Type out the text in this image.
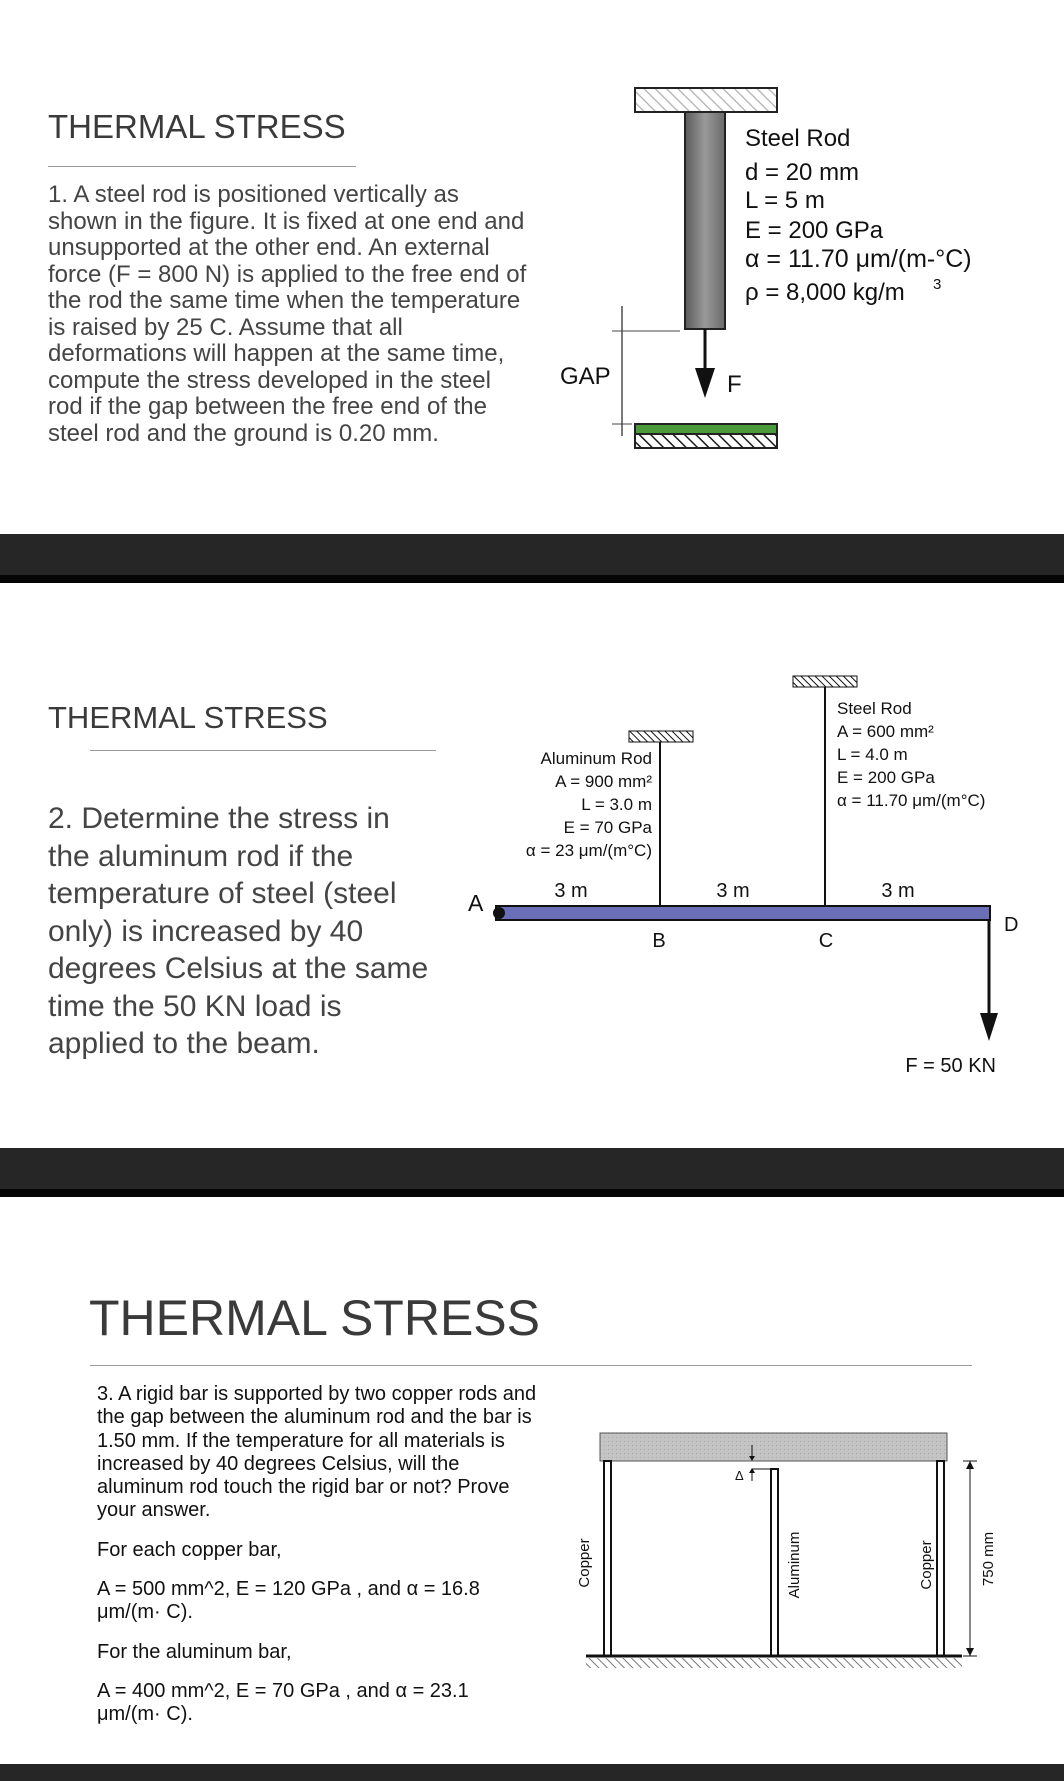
THERMAL STRESS

1. A steel rod is positioned vertically as shown in the figure. It is fixed at one end and unsupported at the other end. An external force (F = 800 N) is applied to the free end of the rod the same time when the temperature is raised by 25 C. Assume that all deformations will happen at the same time, compute the stress developed in the steel rod if the gap between the free end of the steel rod and the ground is 0.20 mm.

GAP	F
Steel Rod
d = 20 mm
L = 5 m
E = 200 GPa
α = 11.70 μm/(m-°C)
ρ = 8,000 kg/m 3
THERMAL STRESS

2. Determine the stress in the aluminum rod if the temperature of steel (steel only) is increased by 40 degrees Celsius at the same time the 50 KN load is applied to the beam.

Aluminum Rod
A = 900 mm²
L = 3.0 m
E = 70 GPa
α = 23 μm/(m°C)
Steel Rod
A = 600 mm²
L = 4.0 m
E = 200 GPa
α = 11.70 μm/(m°C)
3 m	3 m	3 m
A
B	C
D
F = 50 KN
THERMAL STRESS

3. A rigid bar is supported by two copper rods and the gap between the aluminum rod and the bar is 1.50 mm. If the temperature for all materials is increased by 40 degrees Celsius, will the aluminum rod touch the rigid bar or not? Prove your answer.

For each copper bar,

A = 500 mm^2, E = 120 GPa , and α = 16.8 μm/(m· C).

For the aluminum bar,

A = 400 mm^2, E = 70 GPa , and α = 23.1 μm/(m· C).

Δ
Copper	Aluminum	Copper	750 mm
